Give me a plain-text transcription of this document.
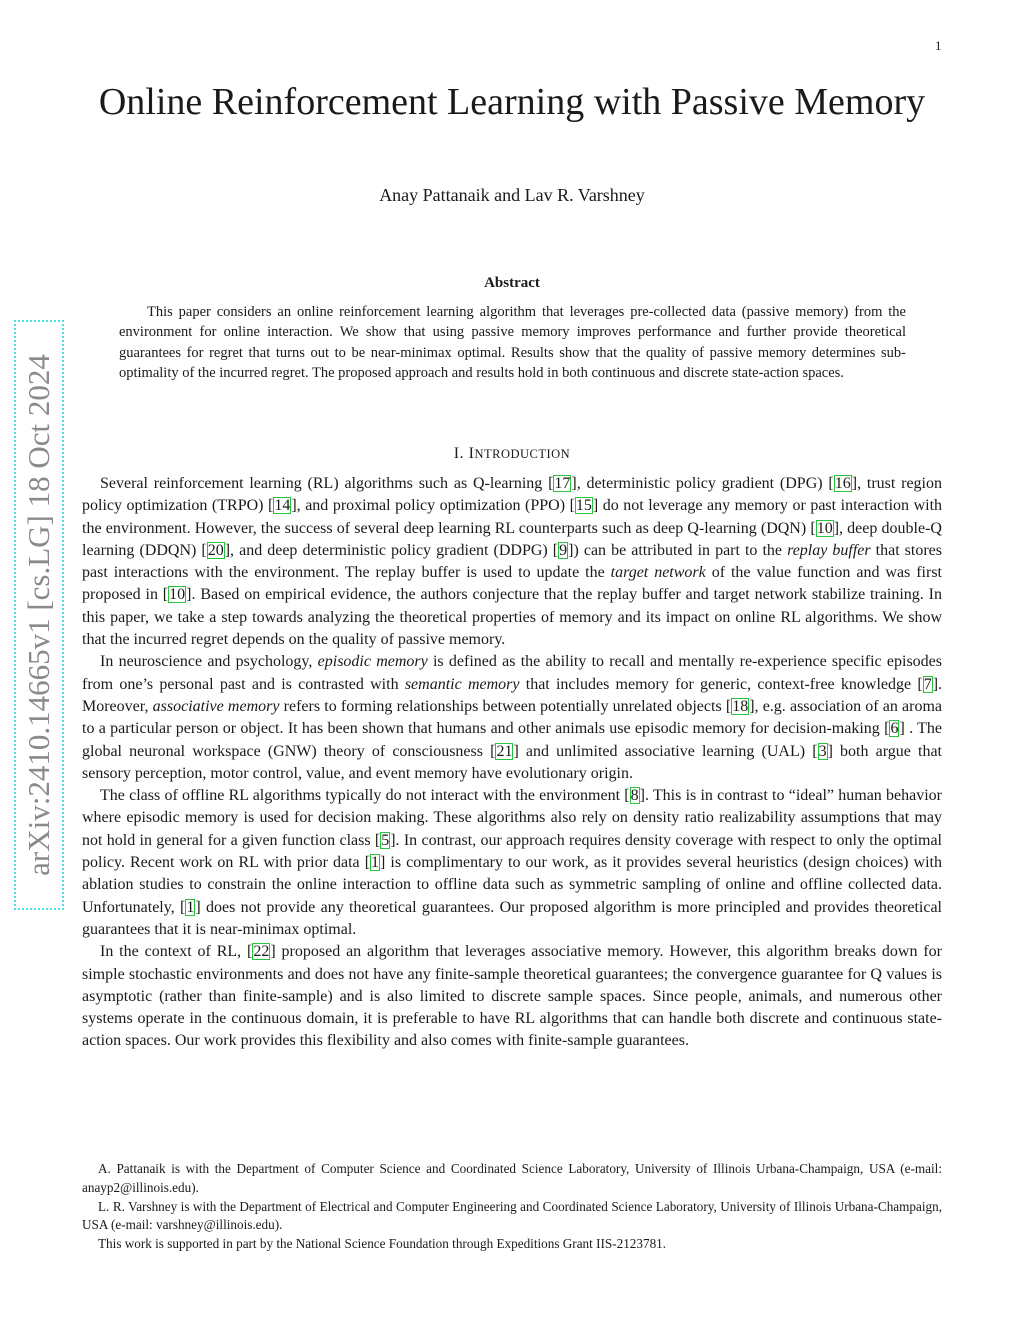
1
arXiv:2410.14665v1 [cs.LG] 18 Oct 2024
Online Reinforcement Learning with Passive Memory
Anay Pattanaik and Lav R. Varshney
Abstract
This paper considers an online reinforcement learning algorithm that leverages pre-collected data (passive memory) from the environment for online interaction. We show that using passive memory improves performance and further provide theoretical guarantees for regret that turns out to be near-minimax optimal. Results show that the quality of passive memory determines sub-optimality of the incurred regret. The proposed approach and results hold in both continuous and discrete state-action spaces.
I. INTRODUCTION

Several reinforcement learning (RL) algorithms such as Q-learning [17], deterministic policy gradient (DPG) [16], trust region policy optimization (TRPO) [14], and proximal policy optimization (PPO) [15] do not leverage any memory or past interaction with the environment. However, the success of several deep learning RL counterparts such as deep Q-learning (DQN) [10], deep double-Q learning (DDQN) [20], and deep deterministic policy gradient (DDPG) [9]) can be attributed in part to the replay buffer that stores past interactions with the environment. The replay buffer is used to update the target network of the value function and was first proposed in [10]. Based on empirical evidence, the authors conjecture that the replay buffer and target network stabilize training. In this paper, we take a step towards analyzing the theoretical properties of memory and its impact on online RL algorithms. We show that the incurred regret depends on the quality of passive memory.

In neuroscience and psychology, episodic memory is defined as the ability to recall and mentally re-experience specific episodes from one’s personal past and is contrasted with semantic memory that includes memory for generic, context-free knowledge [7]. Moreover, associative memory refers to forming relationships between potentially unrelated objects [18], e.g. association of an aroma to a particular person or object. It has been shown that humans and other animals use episodic memory for decision-making [6] . The global neuronal workspace (GNW) theory of consciousness [21] and unlimited associative learning (UAL) [3] both argue that sensory perception, motor control, value, and event memory have evolutionary origin.

The class of offline RL algorithms typically do not interact with the environment [8]. This is in contrast to “ideal” human behavior where episodic memory is used for decision making. These algorithms also rely on density ratio realizability assumptions that may not hold in general for a given function class [5]. In contrast, our approach requires density coverage with respect to only the optimal policy. Recent work on RL with prior data [1] is complimentary to our work, as it provides several heuristics (design choices) with ablation studies to constrain the online interaction to offline data such as symmetric sampling of online and offline collected data. Unfortunately, [1] does not provide any theoretical guarantees. Our proposed algorithm is more principled and provides theoretical guarantees that it is near-minimax optimal.

In the context of RL, [22] proposed an algorithm that leverages associative memory. However, this algorithm breaks down for simple stochastic environments and does not have any finite-sample theoretical guarantees; the convergence guarantee for Q values is asymptotic (rather than finite-sample) and is also limited to discrete sample spaces. Since people, animals, and numerous other systems operate in the continuous domain, it is preferable to have RL algorithms that can handle both discrete and continuous state-action spaces. Our work provides this flexibility and also comes with finite-sample guarantees.

A. Pattanaik is with the Department of Computer Science and Coordinated Science Laboratory, University of Illinois Urbana-Champaign, USA (e-mail: anayp2@illinois.edu).

L. R. Varshney is with the Department of Electrical and Computer Engineering and Coordinated Science Laboratory, University of Illinois Urbana-Champaign, USA (e-mail: varshney@illinois.edu).

This work is supported in part by the National Science Foundation through Expeditions Grant IIS-2123781.
